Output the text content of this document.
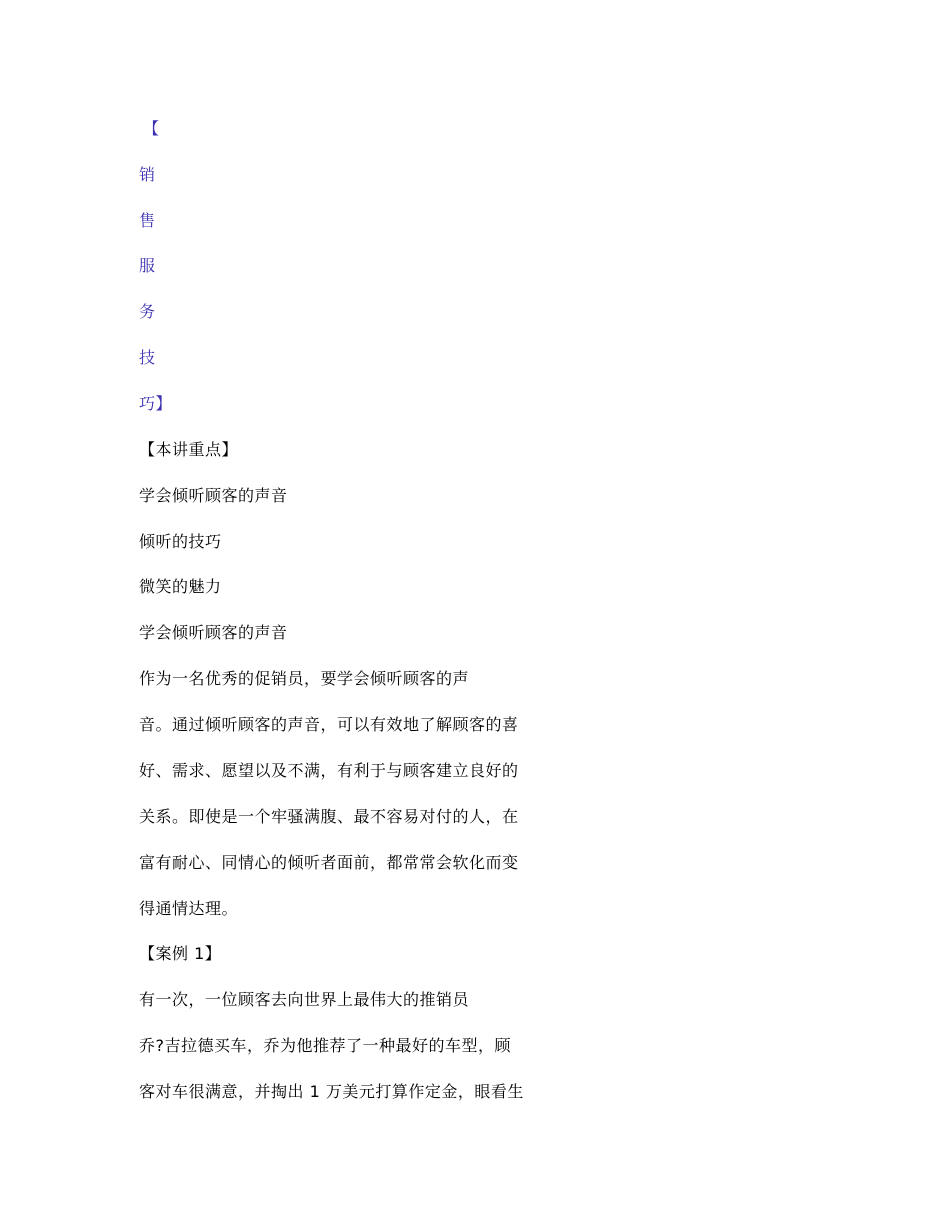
【
销
售
服
务
技
巧】
【本讲重点】
学会倾听顾客的声音
倾听的技巧
微笑的魅力
学会倾听顾客的声音
作为一名优秀的促销员，要学会倾听顾客的声
音。通过倾听顾客的声音，可以有效地了解顾客的喜
好、需求、愿望以及不满，有利于与顾客建立良好的
关系。即使是一个牢骚满腹、最不容易对付的人，在
富有耐心、同情心的倾听者面前，都常常会软化而变
得通情达理。
【案例 1】
有一次，一位顾客去向世界上最伟大的推销员
乔?吉拉德买车，乔为他推荐了一种最好的车型，顾
客对车很满意，并掏出 1 万美元打算作定金，眼看生
